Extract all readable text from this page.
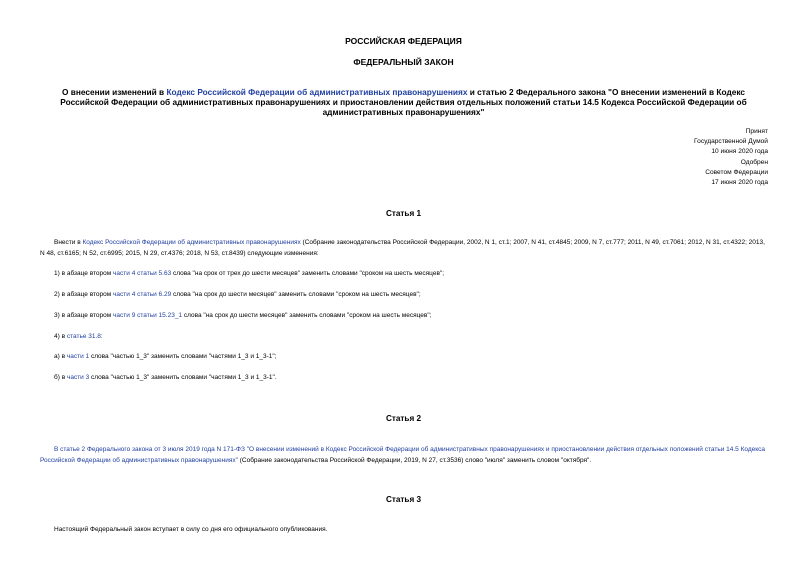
РОССИЙСКАЯ ФЕДЕРАЦИЯ
ФЕДЕРАЛЬНЫЙ ЗАКОН
О внесении изменений в Кодекс Российской Федерации об административных правонарушениях и статью 2 Федерального закона "О внесении изменений в Кодекс Российской Федерации об административных правонарушениях и приостановлении действия отдельных положений статьи 14.5 Кодекса Российской Федерации об административных правонарушениях"
Принят
Государственной Думой
10 июня 2020 года
Одобрен
Советом Федерации
17 июня 2020 года
Статья 1
Внести в Кодекс Российской Федерации об административных правонарушениях (Собрание законодательства Российской Федерации, 2002, N 1, ст.1; 2007, N 41, ст.4845; 2009, N 7, ст.777; 2011, N 49, ст.7061; 2012, N 31, ст.4322; 2013, N 48, ст.6165; N 52, ст.6995; 2015, N 29, ст.4376; 2018, N 53, ст.8439) следующие изменения:
1) в абзаце втором части 4 статьи 5.63 слова "на срок от трех до шести месяцев" заменить словами "сроком на шесть месяцев";
2) в абзаце втором части 4 статьи 6.29 слова "на срок до шести месяцев" заменить словами "сроком на шесть месяцев";
3) в абзаце втором части 9 статьи 15.23_1 слова "на срок до шести месяцев" заменить словами "сроком на шесть месяцев";
4) в статье 31.8:
а) в части 1 слова "частью 1_3" заменить словами "частями 1_3 и 1_3-1";
б) в части 3 слова "частью 1_3" заменить словами "частями 1_3 и 1_3-1".
Статья 2
В статье 2 Федерального закона от 3 июля 2019 года N 171-ФЗ "О внесении изменений в Кодекс Российской Федерации об административных правонарушениях и приостановлении действия отдельных положений статьи 14.5 Кодекса Российской Федерации об административных правонарушениях" (Собрание законодательства Российской Федерации, 2019, N 27, ст.3536) слово "июля" заменить словом "октября".
Статья 3
Настоящий Федеральный закон вступает в силу со дня его официального опубликования.
